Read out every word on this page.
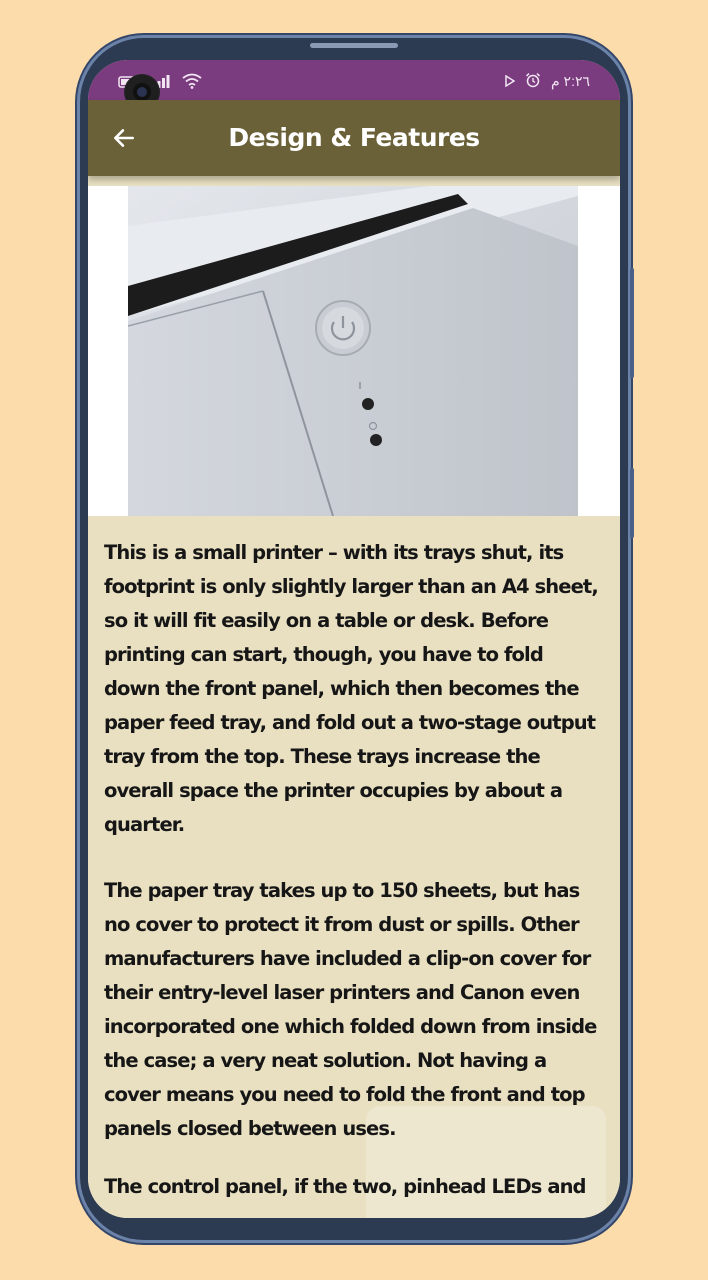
٢:٢٦ م
Design & Features
This is a small printer – with its trays shut, its footprint is only slightly larger than an A4 sheet, so it will fit easily on a table or desk. Before printing can start, though, you have to fold down the front panel, which then becomes the paper feed tray, and fold out a two-stage output tray from the top. These trays increase the overall space the printer occupies by about a quarter.
The paper tray takes up to 150 sheets, but has no cover to protect it from dust or spills. Other manufacturers have included a clip-on cover for their entry-level laser printers and Canon even incorporated one which folded down from inside the case; a very neat solution. Not having a cover means you need to fold the front and top panels closed between uses.
The control panel, if the two, pinhead LEDs and
